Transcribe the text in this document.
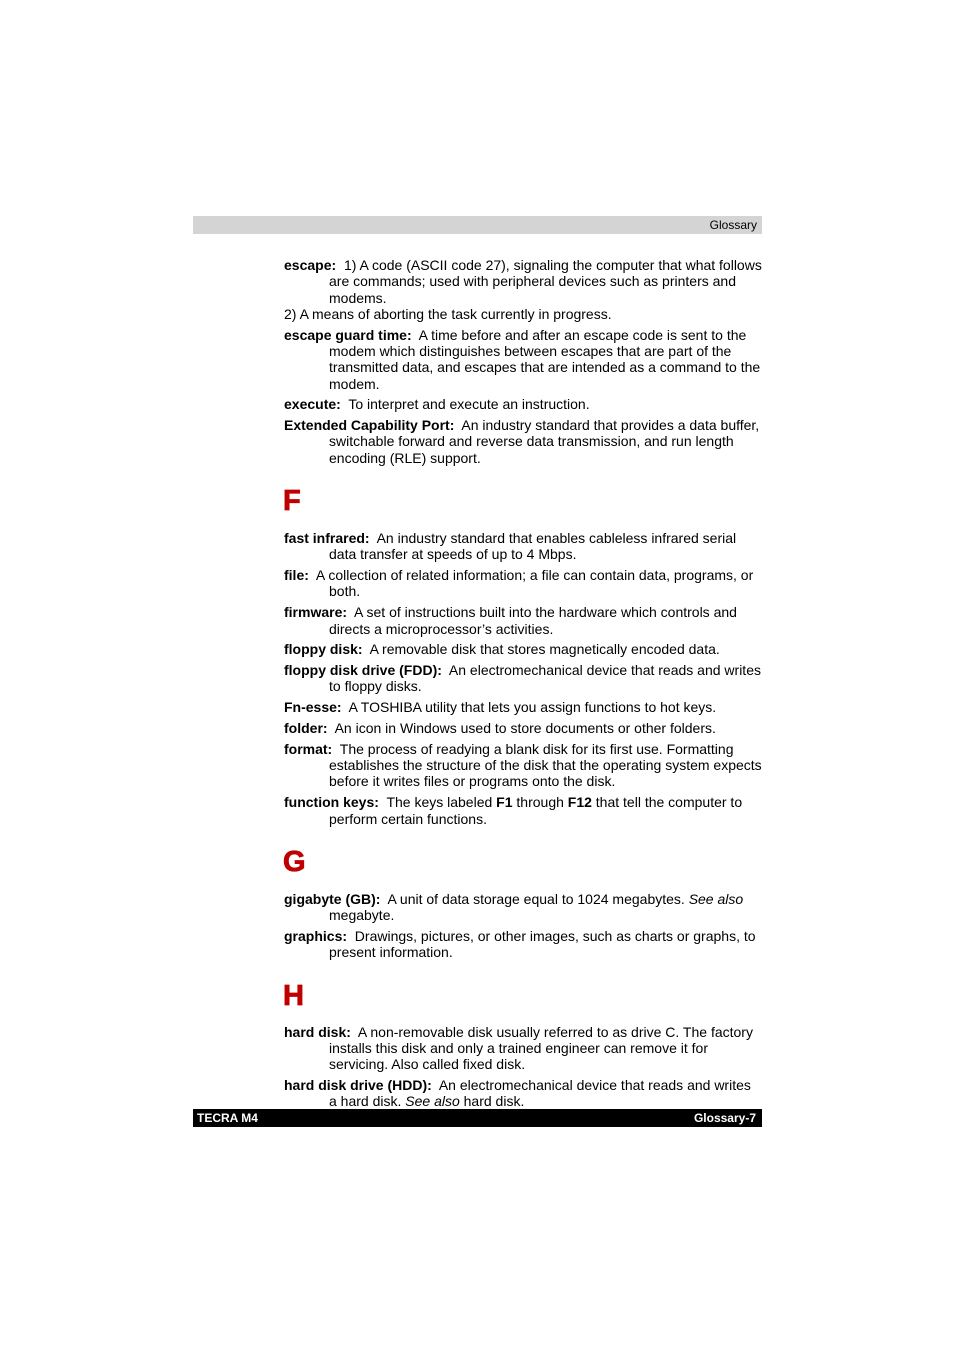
Glossary

escape: 1) A code (ASCII code 27), signaling the computer that what follows are commands; used with peripheral devices such as printers and modems.
2) A means of aborting the task currently in progress.

escape guard time: A time before and after an escape code is sent to the modem which distinguishes between escapes that are part of the transmitted data, and escapes that are intended as a command to the modem.

execute: To interpret and execute an instruction.

Extended Capability Port: An industry standard that provides a data buffer, switchable forward and reverse data transmission, and run length encoding (RLE) support.

F

fast infrared: An industry standard that enables cableless infrared serial data transfer at speeds of up to 4 Mbps.

file: A collection of related information; a file can contain data, programs, or both.

firmware: A set of instructions built into the hardware which controls and directs a microprocessor’s activities.

floppy disk: A removable disk that stores magnetically encoded data.

floppy disk drive (FDD): An electromechanical device that reads and writes to floppy disks.

Fn-esse: A TOSHIBA utility that lets you assign functions to hot keys.

folder: An icon in Windows used to store documents or other folders.

format: The process of readying a blank disk for its first use. Formatting establishes the structure of the disk that the operating system expects before it writes files or programs onto the disk.

function keys: The keys labeled F1 through F12 that tell the computer to perform certain functions.

G

gigabyte (GB): A unit of data storage equal to 1024 megabytes. See also megabyte.

graphics: Drawings, pictures, or other images, such as charts or graphs, to present information.

H

hard disk: A non-removable disk usually referred to as drive C. The factory installs this disk and only a trained engineer can remove it for servicing. Also called fixed disk.

hard disk drive (HDD): An electromechanical device that reads and writes a hard disk. See also hard disk.

TECRA M4	Glossary-7
